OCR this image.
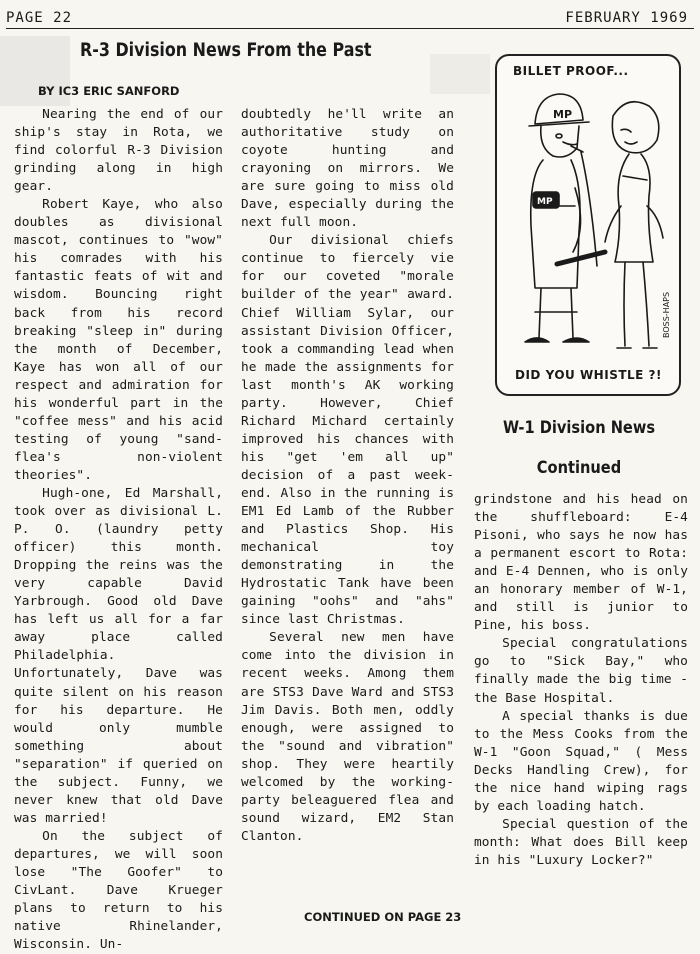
PAGE 22	FEBRUARY 1969
R-3 Division News From the Past
BY IC3 ERIC SANFORD

Nearing the end of our ship's stay in Rota, we find colorful R-3 Division grinding along in high gear.

Robert Kaye, who also doubles as divisional mascot, continues to "wow" his comrades with his fantastic feats of wit and wisdom. Bouncing right back from his record breaking "sleep in" during the month of December, Kaye has won all of our respect and admiration for his wonderful part in the "coffee mess" and his acid testing of young "sand-flea's non-violent theories".

Hugh-one, Ed Marshall, took over as divisional L. P. O. (laundry petty officer) this month. Dropping the reins was the very capable David Yarbrough. Good old Dave has left us all for a far away place called Philadelphia. Unfortunately, Dave was quite silent on his reason for his departure. He would only mumble something about "separation" if queried on the subject. Funny, we never knew that old Dave was married!

On the subject of departures, we will soon lose "The Goofer" to CivLant. Dave Krueger plans to return to his native Rhinelander, Wisconsin. Un-

doubtedly he'll write an authoritative study on coyote hunting and crayoning on mirrors. We are sure going to miss old Dave, especially during the next full moon.

Our divisional chiefs continue to fiercely vie for our coveted "morale builder of the year" award. Chief William Sylar, our assistant Division Officer, took a commanding lead when he made the assignments for last month's AK working party. However, Chief Richard Michard certainly improved his chances with his "get 'em all up" decision of a past week-end. Also in the running is EM1 Ed Lamb of the Rubber and Plastics Shop. His mechanical toy demonstrating in the Hydrostatic Tank have been gaining "oohs" and "ahs" since last Christmas.

Several new men have come into the division in recent weeks. Among them are STS3 Dave Ward and STS3 Jim Davis. Both men, oddly enough, were assigned to the "sound and vibration" shop. They were heartily welcomed by the working-party beleaguered flea and sound wizard, EM2 Stan Clanton.

CONTINUED ON PAGE 23
BILLET PROOF...
MP
MP
BOSS-HAPS
DID YOU WHISTLE ?!
W-1 Division News
Continued

grindstone and his head on the shuffleboard: E-4 Pisoni, who says he now has a permanent escort to Rota: and E-4 Dennen, who is only an honorary member of W-1, and still is junior to Pine, his boss.

Special congratulations go to "Sick Bay," who finally made the big time - the Base Hospital.

A special thanks is due to the Mess Cooks from the W-1 "Goon Squad," ( Mess Decks Handling Crew), for the nice hand wiping rags by each loading hatch.

Special question of the month: What does Bill keep in his "Luxury Locker?"
